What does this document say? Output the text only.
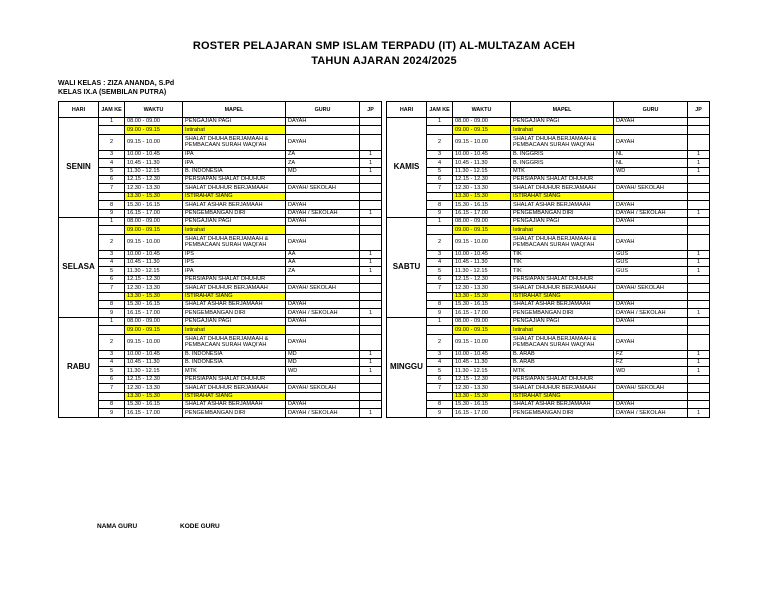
ROSTER PELAJARAN SMP ISLAM TERPADU (IT) AL-MULTAZAM ACEH
TAHUN AJARAN 2024/2025
WALI KELAS : ZIZA ANANDA, S.Pd
KELAS IX.A (SEMBILAN PUTRA)
HARI	JAM KE	WAKTU	MAPEL	GURU	JP
SENIN	1	08.00 - 09.00	PENGAJIAN PAGI	DAYAH	
		09.00 - 09.15	Istirahat		
	2	09.15 - 10.00	SHALAT DHUHA BERJAMAAH & PEMBACAAN SURAH WAQI'AH	DAYAH	
	3	10.00 - 10.45	IPA	ZA	1
	4	10.45 - 11.30	IPA	ZA	1
	5	11.30 - 12.15	B. INDONESIA	MD	1
	6	12.15 - 12.30	PERSIAPAN SHALAT DHUHUR		
	7	12.30 - 13.30	SHALAT DHUHUR BERJAMAAH	DAYAH/ SEKOLAH	
		13.30 - 15.30	ISTIRAHAT SIANG		
	8	15.30 - 16.15	SHALAT ASHAR BERJAMAAH	DAYAH	
	9	16.15 - 17.00	PENGEMBANGAN DIRI	DAYAH / SEKOLAH	1
SELASA	1	08.00 - 09.00	PENGAJIAN PAGI	DAYAH	
		09.00 - 09.15	Istirahat		
	2	09.15 - 10.00	SHALAT DHUHA BERJAMAAH & PEMBACAAN SURAH WAQI'AH	DAYAH	
	3	10.00 - 10.45	IPS	AA	1
	4	10.45 - 11.30	IPS	AA	1
	5	11.30 - 12.15	IPA	ZA	1
	6	12.15 - 12.30	PERSIAPAN SHALAT DHUHUR		
	7	12.30 - 13.30	SHALAT DHUHUR BERJAMAAH	DAYAH/ SEKOLAH	
		13.30 - 15.30	ISTIRAHAT SIANG		
	8	15.30 - 16.15	SHALAT ASHAR BERJAMAAH	DAYAH	
	9	16.15 - 17.00	PENGEMBANGAN DIRI	DAYAH / SEKOLAH	1
RABU	1	08.00 - 09.00	PENGAJIAN PAGI	DAYAH	
		09.00 - 09.15	Istirahat		
	2	09.15 - 10.00	SHALAT DHUHA BERJAMAAH & PEMBACAAN SURAH WAQI'AH	DAYAH	
	3	10.00 - 10.45	B. INDONESIA	MD	1
	4	10.45 - 11.30	B. INDONESIA	MD	1
	5	11.30 - 12.15	MTK	WD	1
	6	12.15 - 12.30	PERSIAPAN SHALAT DHUHUR		
	7	12.30 - 13.30	SHALAT DHUHUR BERJAMAAH	DAYAH/ SEKOLAH	
		13.30 - 15.30	ISTIRAHAT SIANG		
	8	15.30 - 16.15	SHALAT ASHAR BERJAMAAH	DAYAH	
	9	16.15 - 17.00	PENGEMBANGAN DIRI	DAYAH / SEKOLAH	1
HARI	JAM KE	WAKTU	MAPEL	GURU	JP
KAMIS	1	08.00 - 09.00	PENGAJIAN PAGI	DAYAH	
		09.00 - 09.15	Istirahat		
	2	09.15 - 10.00	SHALAT DHUHA BERJAMAAH & PEMBACAAN SURAH WAQI'AH	DAYAH	
	3	10.00 - 10.45	B. INGGRIS	NL	1
	4	10.45 - 11.30	B. INGGRIS	NL	1
	5	11.30 - 12.15	MTK	WD	1
	6	12.15 - 12.30	PERSIAPAN SHALAT DHUHUR		
	7	12.30 - 13.30	SHALAT DHUHUR BERJAMAAH	DAYAH/ SEKOLAH	
		13.30 - 15.30	ISTIRAHAT SIANG		
	8	15.30 - 16.15	SHALAT ASHAR BERJAMAAH	DAYAH	
	9	16.15 - 17.00	PENGEMBANGAN DIRI	DAYAH / SEKOLAH	1
SABTU	1	08.00 - 09.00	PENGAJIAN PAGI	DAYAH	
		09.00 - 09.15	Istirahat		
	2	09.15 - 10.00	SHALAT DHUHA BERJAMAAH & PEMBACAAN SURAH WAQI'AH	DAYAH	
	3	10.00 - 10.45	TIK	GUS	1
	4	10.45 - 11.30	TIK	GUS	1
	5	11.30 - 12.15	TIK	GUS	1
	6	12.15 - 12.30	PERSIAPAN SHALAT DHUHUR		
	7	12.30 - 13.30	SHALAT DHUHUR BERJAMAAH	DAYAH/ SEKOLAH	
		13.30 - 15.30	ISTIRAHAT SIANG		
	8	15.30 - 16.15	SHALAT ASHAR BERJAMAAH	DAYAH	
	9	16.15 - 17.00	PENGEMBANGAN DIRI	DAYAH / SEKOLAH	1
MINGGU	1	08.00 - 09.00	PENGAJIAN PAGI	DAYAH	
		09.00 - 09.15	Istirahat		
	2	09.15 - 10.00	SHALAT DHUHA BERJAMAAH & PEMBACAAN SURAH WAQI'AH	DAYAH	
	3	10.00 - 10.45	B. ARAB	FZ	1
	4	10.45 - 11.30	B. ARAB	FZ	1
	5	11.30 - 12.15	MTK	WD	1
	6	12.15 - 12.30	PERSIAPAN SHALAT DHUHUR		
	7	12.30 - 13.30	SHALAT DHUHUR BERJAMAAH	DAYAH/ SEKOLAH	
		13.30 - 15.30	ISTIRAHAT SIANG		
	8	15.30 - 16.15	SHALAT ASHAR BERJAMAAH	DAYAH	
	9	16.15 - 17.00	PENGEMBANGAN DIRI	DAYAH / SEKOLAH	1
NAMA GURU	KODE GURU
